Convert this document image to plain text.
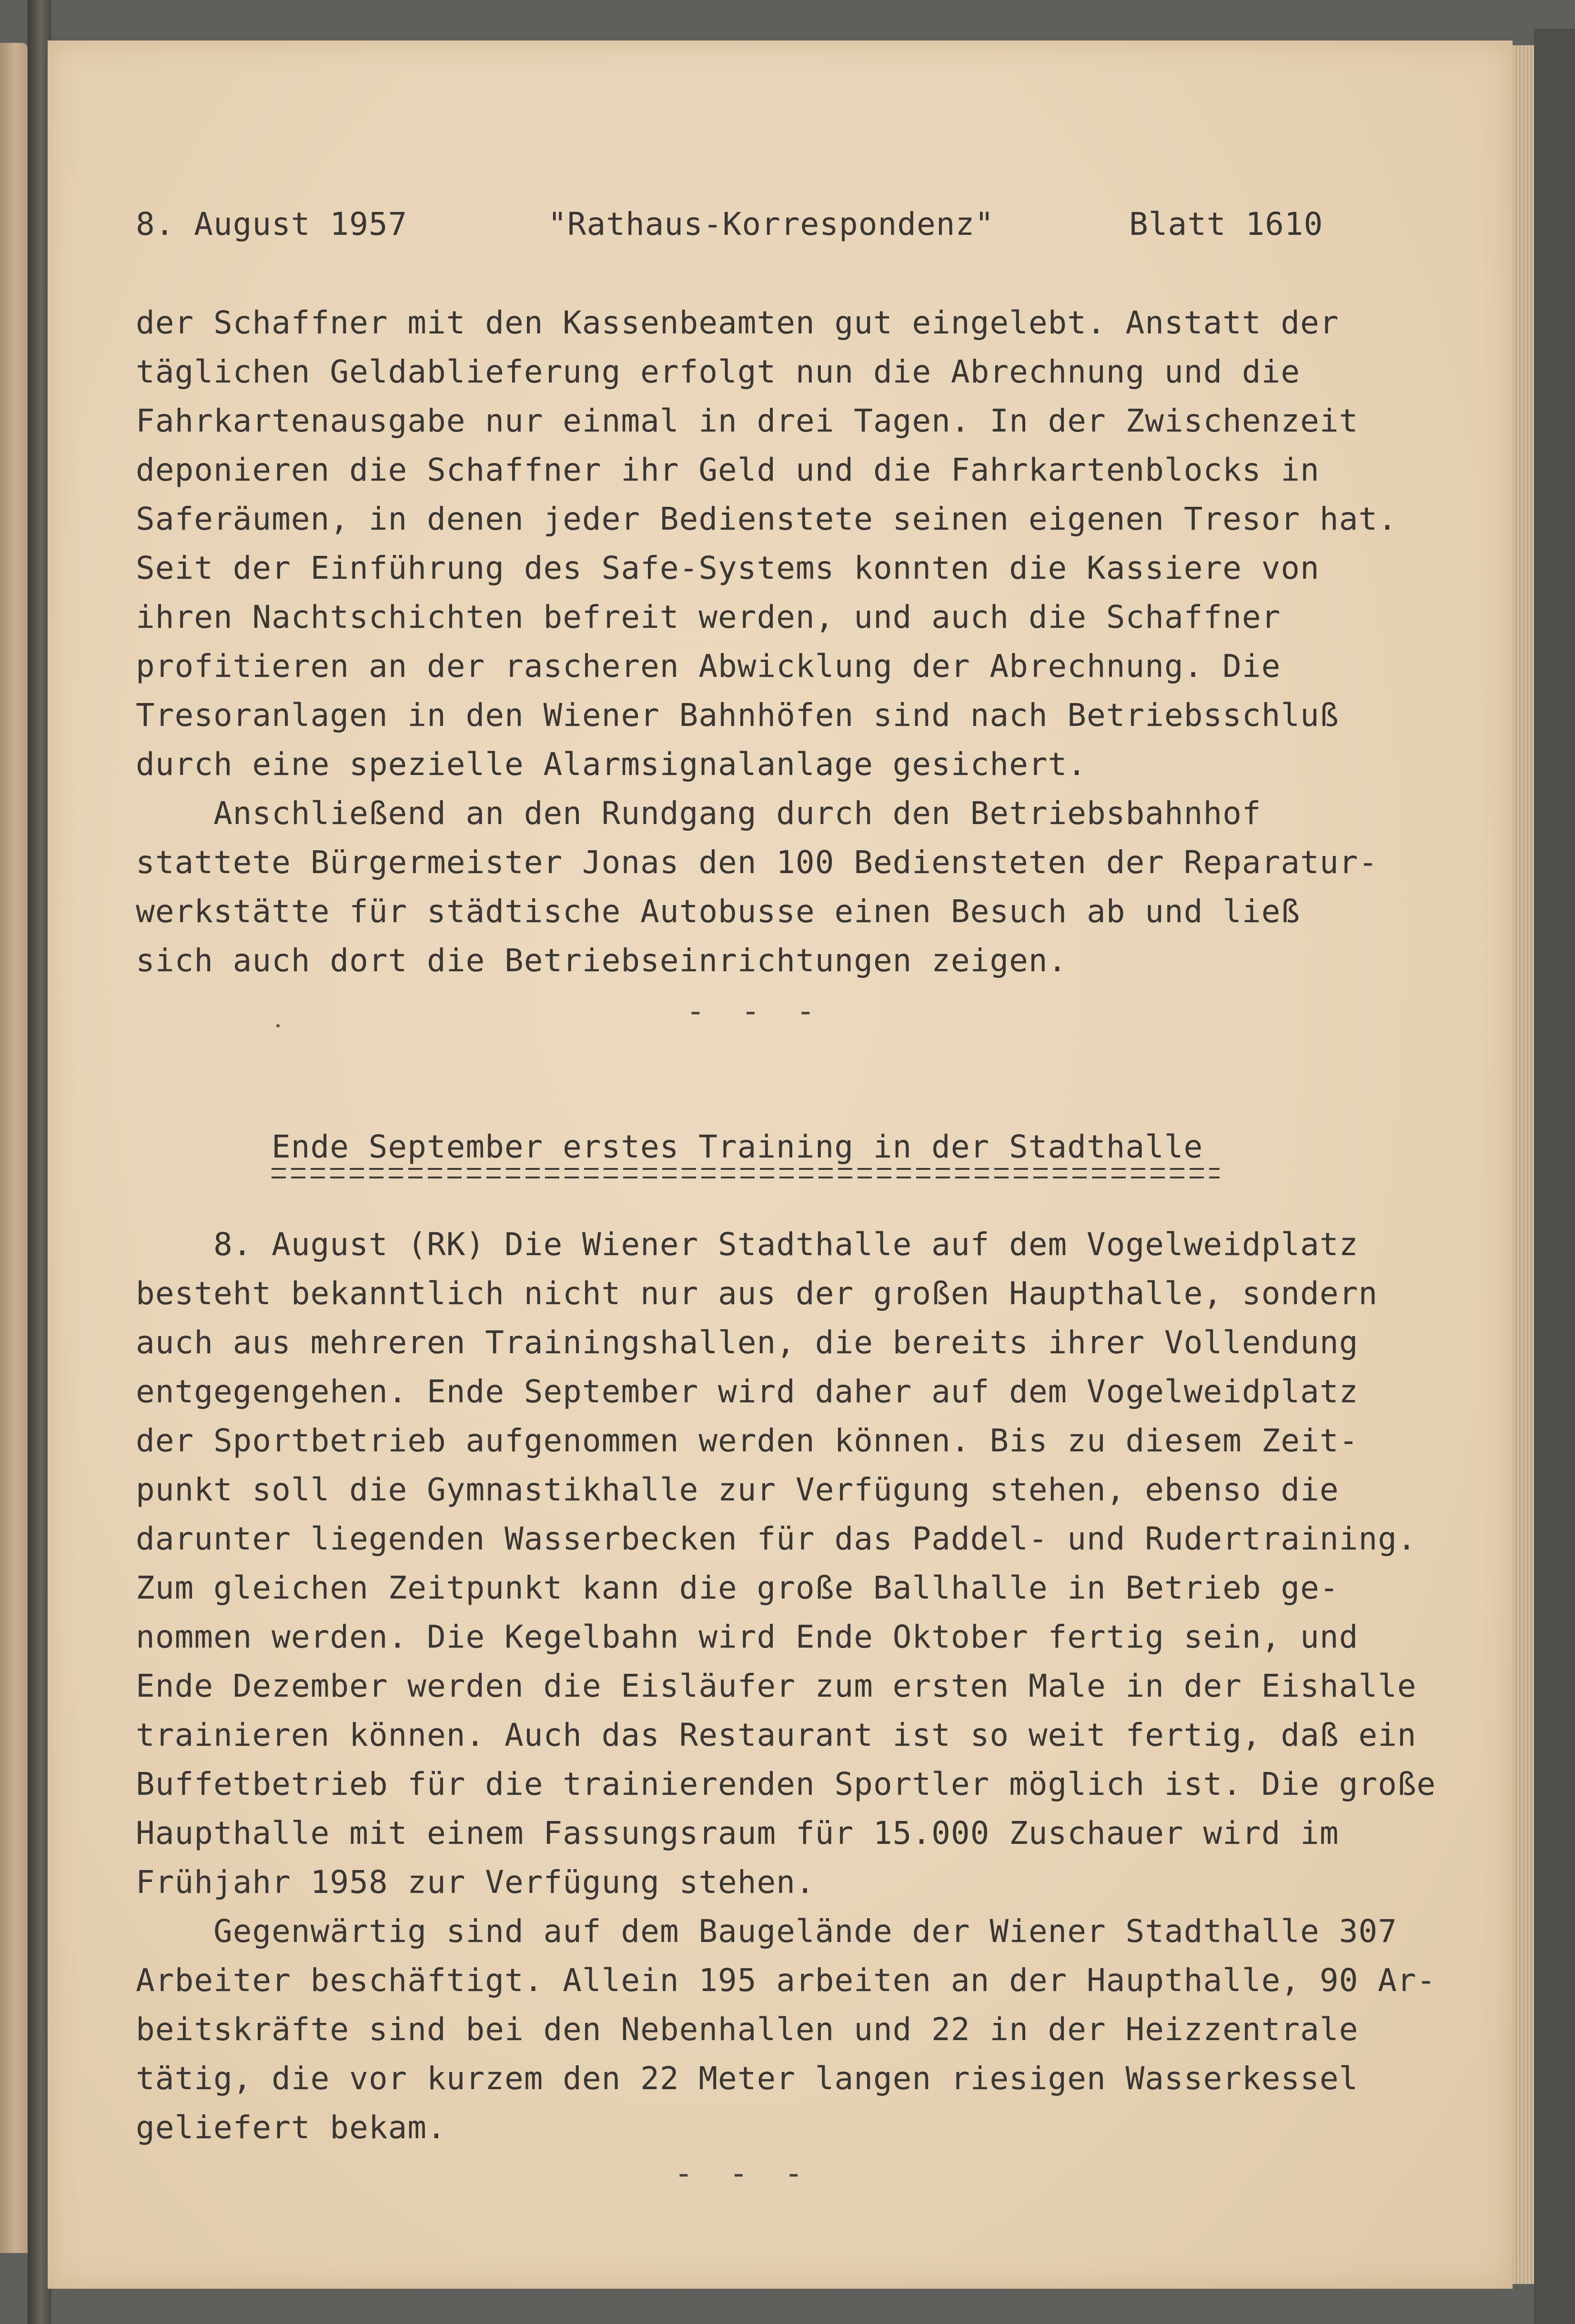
8. August 1957	"Rathaus-Korrespondenz"	Blatt 1610
der Schaffner mit den Kassenbeamten gut eingelebt. Anstatt der
täglichen Geldablieferung erfolgt nun die Abrechnung und die
Fahrkartenausgabe nur einmal in drei Tagen. In der Zwischenzeit
deponieren die Schaffner ihr Geld und die Fahrkartenblocks in
Saferäumen, in denen jeder Bedienstete seinen eigenen Tresor hat.
Seit der Einführung des Safe-Systems konnten die Kassiere von
ihren Nachtschichten befreit werden, und auch die Schaffner
profitieren an der rascheren Abwicklung der Abrechnung. Die
Tresoranlagen in den Wiener Bahnhöfen sind nach Betriebsschluß
durch eine spezielle Alarmsignalanlage gesichert.
Anschließend an den Rundgang durch den Betriebsbahnhof
stattete Bürgermeister Jonas den 100 Bediensteten der Reparatur-
werkstätte für städtische Autobusse einen Besuch ab und ließ
sich auch dort die Betriebseinrichtungen zeigen.
- - -
Ende September erstes Training in der Stadthalle
8. August (RK) Die Wiener Stadthalle auf dem Vogelweidplatz
besteht bekanntlich nicht nur aus der großen Haupthalle, sondern
auch aus mehreren Trainingshallen, die bereits ihrer Vollendung
entgegengehen. Ende September wird daher auf dem Vogelweidplatz
der Sportbetrieb aufgenommen werden können. Bis zu diesem Zeit-
punkt soll die Gymnastikhalle zur Verfügung stehen, ebenso die
darunter liegenden Wasserbecken für das Paddel- und Rudertraining.
Zum gleichen Zeitpunkt kann die große Ballhalle in Betrieb ge-
nommen werden. Die Kegelbahn wird Ende Oktober fertig sein, und
Ende Dezember werden die Eisläufer zum ersten Male in der Eishalle
trainieren können. Auch das Restaurant ist so weit fertig, daß ein
Buffetbetrieb für die trainierenden Sportler möglich ist. Die große
Haupthalle mit einem Fassungsraum für 15.000 Zuschauer wird im
Frühjahr 1958 zur Verfügung stehen.
Gegenwärtig sind auf dem Baugelände der Wiener Stadthalle 307
Arbeiter beschäftigt. Allein 195 arbeiten an der Haupthalle, 90 Ar-
beitskräfte sind bei den Nebenhallen und 22 in der Heizzentrale
tätig, die vor kurzem den 22 Meter langen riesigen Wasserkessel
geliefert bekam.
- - -
